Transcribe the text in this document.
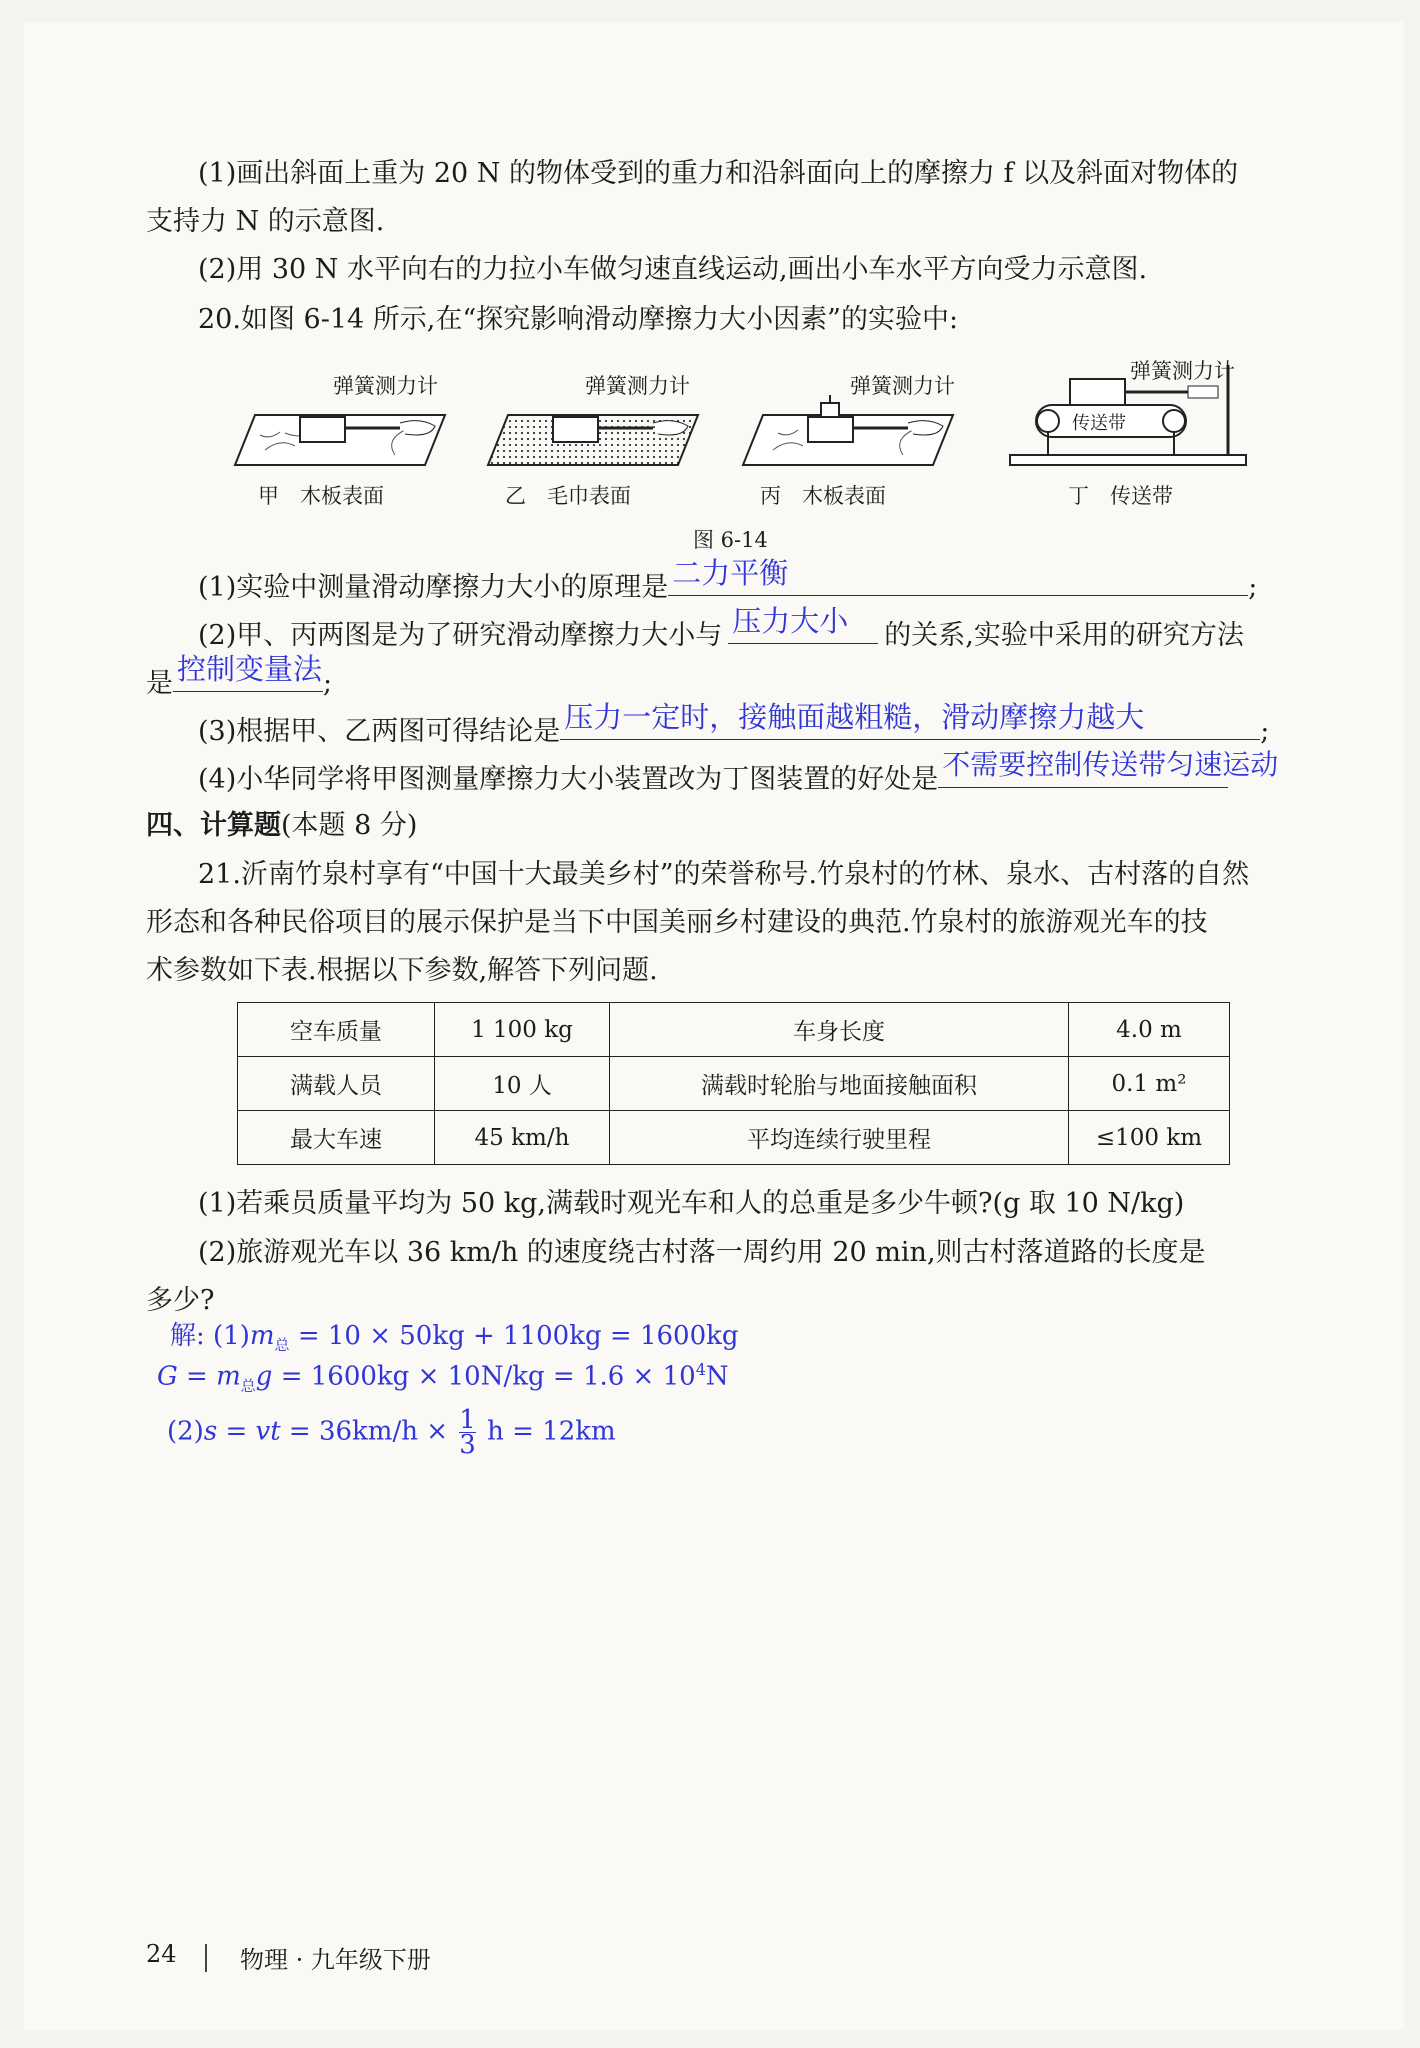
(1)画出斜面上重为 20 N 的物体受到的重力和沿斜面向上的摩擦力 f 以及斜面对物体的
支持力 N 的示意图.
(2)用 30 N 水平向右的力拉小车做匀速直线运动,画出小车水平方向受力示意图.
20.如图 6-14 所示,在“探究影响滑动摩擦力大小因素”的实验中:
弹簧测力计
甲　木板表面
弹簧测力计
乙　毛巾表面
弹簧测力计
丙　木板表面
弹簧测力计
传送带
丁　传送带
图 6-14
(1)实验中测量滑动摩擦力大小的原理是 二力平衡	;
(2)甲、丙两图是为了研究滑动摩擦力大小与 压力大小 的关系,实验中采用的研究方法
是 控制变量法 ;
(3)根据甲、乙两图可得结论是 压力一定时，接触面越粗糙，滑动摩擦力越大	;
(4)小华同学将甲图测量摩擦力大小装置改为丁图装置的好处是 不需要控制传送带匀速运动
四、计算题(本题 8 分)
21.沂南竹泉村享有“中国十大最美乡村”的荣誉称号.竹泉村的竹林、泉水、古村落的自然
形态和各种民俗项目的展示保护是当下中国美丽乡村建设的典范.竹泉村的旅游观光车的技
术参数如下表.根据以下参数,解答下列问题.
空车质量	1 100 kg	车身长度	4.0 m
满载人员	10 人	满载时轮胎与地面接触面积	0.1 m²
最大车速	45 km/h	平均连续行驶里程	≤100 km
(1)若乘员质量平均为 50 kg,满载时观光车和人的总重是多少牛顿?(g 取 10 N/kg)
(2)旅游观光车以 36 km/h 的速度绕古村落一周约用 20 min,则古村落道路的长度是
多少?
解: $(1)m_总 = 10 \times 50kg + 1100kg = 1600kg$
$G = m_总g = 1600kg \times 10N/kg = 1.6 \times 10^4N$
(2)s = vt = $36km/h \times \frac{1}{3}$ h = 12km
24	物理 · 九年级下册
